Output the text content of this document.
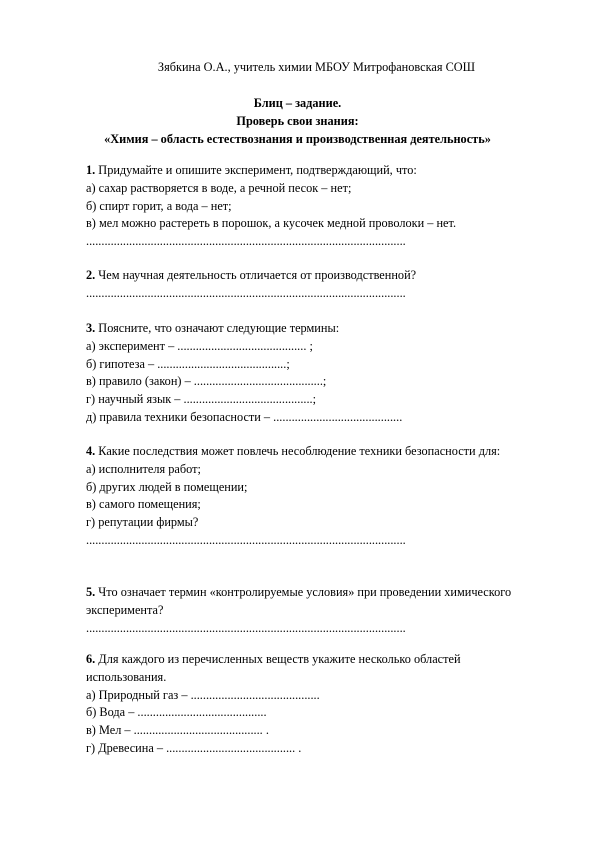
Зябкина О.А., учитель химии МБОУ Митрофановская СОШ
Блиц – задание.
Проверь свои знания:
«Химия – область естествознания и производственная деятельность»
1. Придумайте и опишите эксперимент, подтверждающий, что:
а) сахар растворяется в воде, а речной песок – нет;
б) спирт горит, а вода – нет;
в) мел можно растереть в порошок, а кусочек медной проволоки – нет.
........................................................................................................
2. Чем научная деятельность отличается от производственной?
........................................................................................................
3. Поясните, что означают следующие термины:
а) эксперимент – .......................................... ;
б) гипотеза – ..........................................;
в) правило (закон) – ..........................................;
г) научный язык – ..........................................;
д) правила техники безопасности – ..........................................
4. Какие последствия может повлечь несоблюдение техники безопасности для:
а) исполнителя работ;
б) других людей в помещении;
в) самого помещения;
г) репутации фирмы?
........................................................................................................
5. Что означает термин «контролируемые условия» при проведении химического эксперимента?
........................................................................................................
6. Для каждого из перечисленных веществ укажите несколько областей использования.
а) Природный газ – ..........................................
б) Вода – ..........................................
в) Мел – .......................................... .
г) Древесина – .......................................... .
